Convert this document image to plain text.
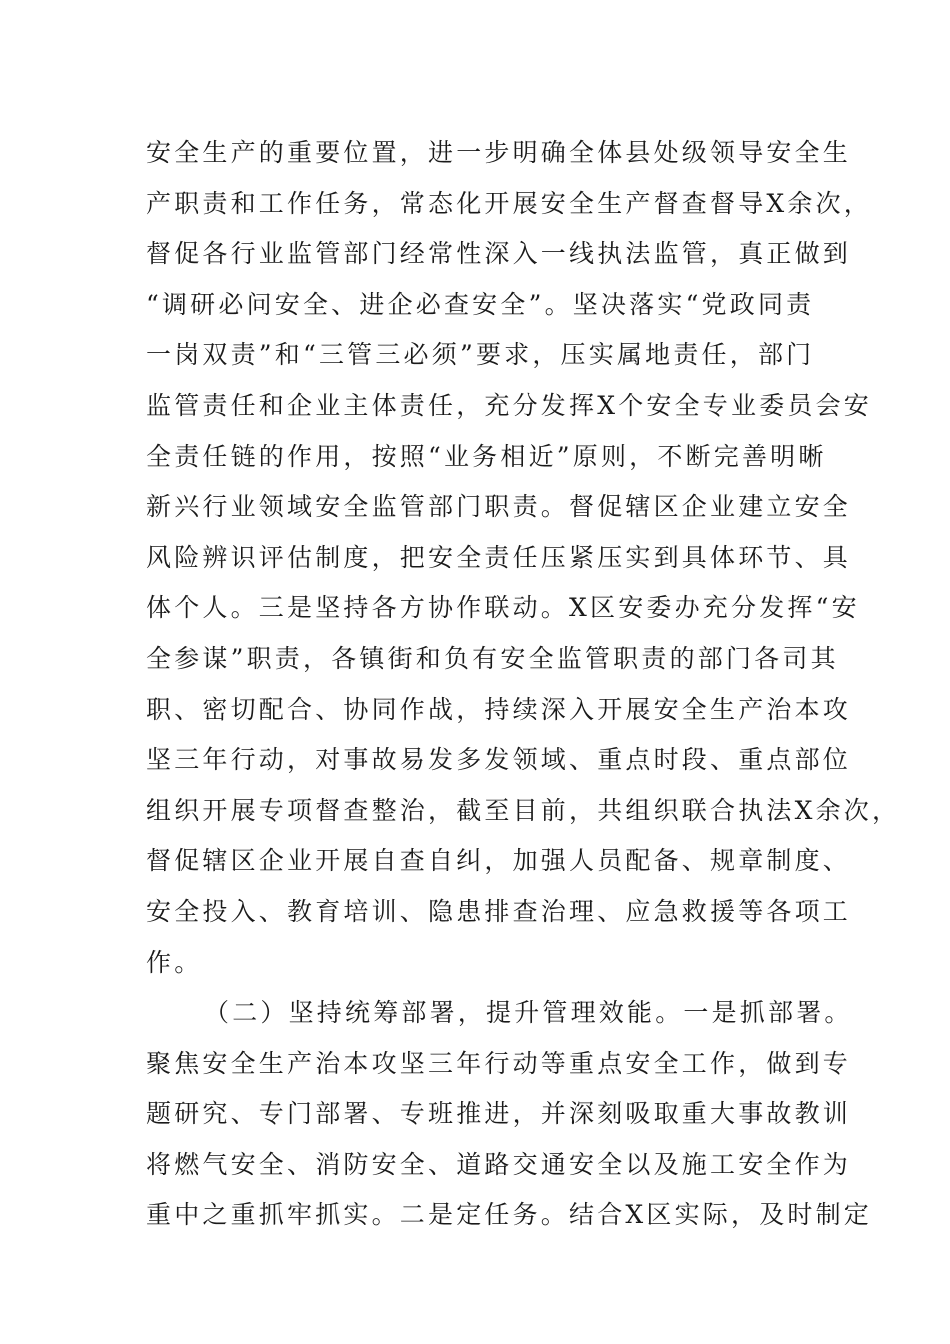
安全生产的重要位置，进一步明确全体县处级领导安全生
产职责和工作任务，常态化开展安全生产督查督导X余次，
督促各行业监管部门经常性深入一线执法监管，真正做到
“调研必问安全、进企必查安全”。坚决落实“党政同责
一岗双责”和“三管三必须”要求，压实属地责任，部门
监管责任和企业主体责任，充分发挥X个安全专业委员会安
全责任链的作用，按照“业务相近”原则，不断完善明晰
新兴行业领域安全监管部门职责。督促辖区企业建立安全
风险辨识评估制度，把安全责任压紧压实到具体环节、具
体个人。三是坚持各方协作联动。X区安委办充分发挥“安
全参谋”职责，各镇街和负有安全监管职责的部门各司其
职、密切配合、协同作战，持续深入开展安全生产治本攻
坚三年行动，对事故易发多发领域、重点时段、重点部位
组织开展专项督查整治，截至目前，共组织联合执法X余次，
督促辖区企业开展自查自纠，加强人员配备、规章制度、
安全投入、教育培训、隐患排查治理、应急救援等各项工
作。
（二）坚持统筹部署，提升管理效能。一是抓部署。
聚焦安全生产治本攻坚三年行动等重点安全工作，做到专
题研究、专门部署、专班推进，并深刻吸取重大事故教训
将燃气安全、消防安全、道路交通安全以及施工安全作为
重中之重抓牢抓实。二是定任务。结合X区实际，及时制定
